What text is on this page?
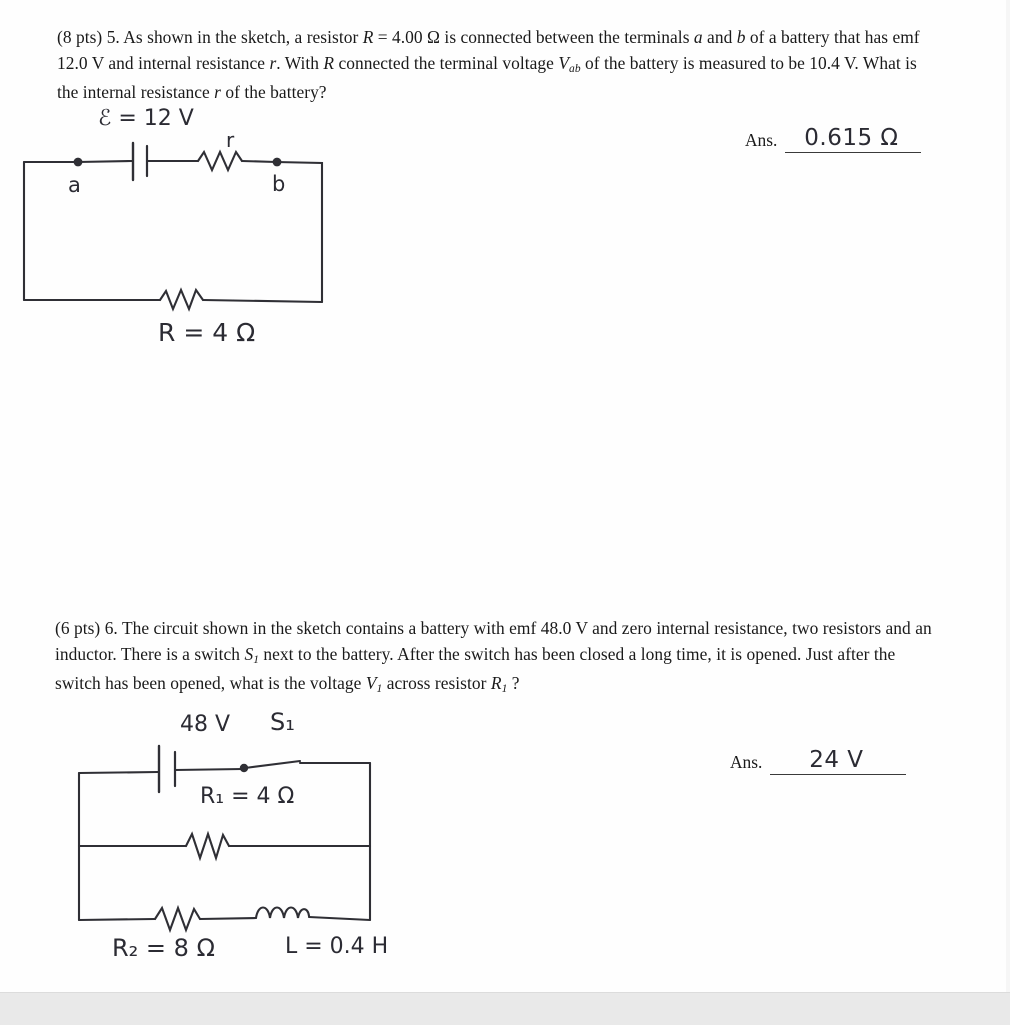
(8 pts) 5. As shown in the sketch, a resistor R = 4.00 Ω is connected between the terminals a and b of a battery that has emf 12.0 V and internal resistance r. With R connected the terminal voltage $V_{ab}$ of the battery is measured to be 10.4 V. What is the internal resistance r of the battery?
Ans.	0.615 Ω
ℰ = 12 V
r
a	b
R = 4 Ω
(6 pts) 6. The circuit shown in the sketch contains a battery with emf 48.0 V and zero internal resistance, two resistors and an inductor. There is a switch $S_1$ next to the battery. After the switch has been closed a long time, it is opened. Just after the switch has been opened, what is the voltage $V_1$ across resistor $R_1$ ?
Ans.	24 V
48 V S₁
R₁ = 4 Ω
R₂ = 8 Ω	L = 0.4 H
